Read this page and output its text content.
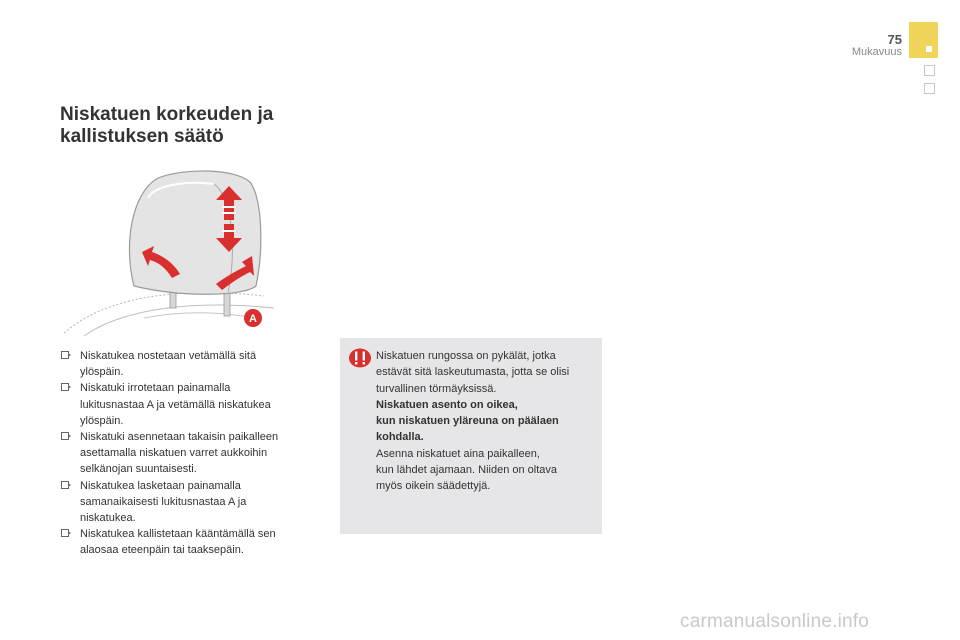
75
Mukavuus
Niskatuen korkeuden ja
kallistuksen säätö
A
Niskatukea nostetaan vetämällä sitä
ylöspäin.
Niskatuki irrotetaan painamalla
lukitusnastaa A ja vetämällä niskatukea
ylöspäin.
Niskatuki asennetaan takaisin paikalleen
asettamalla niskatuen varret aukkoihin
selkänojan suuntaisesti.
Niskatukea lasketaan painamalla
samanaikaisesti lukitusnastaa A ja
niskatukea.
Niskatukea kallistetaan kääntämällä sen
alaosaa eteenpäin tai taaksepäin.
Niskatuen rungossa on pykälät, jotka
estävät sitä laskeutumasta, jotta se olisi
turvallinen törmäyksissä.
Niskatuen asento on oikea,
kun niskatuen yläreuna on päälaen
kohdalla.
Asenna niskatuet aina paikalleen,
kun lähdet ajamaan. Niiden on oltava
myös oikein säädettyjä.
carmanualsonline.info
